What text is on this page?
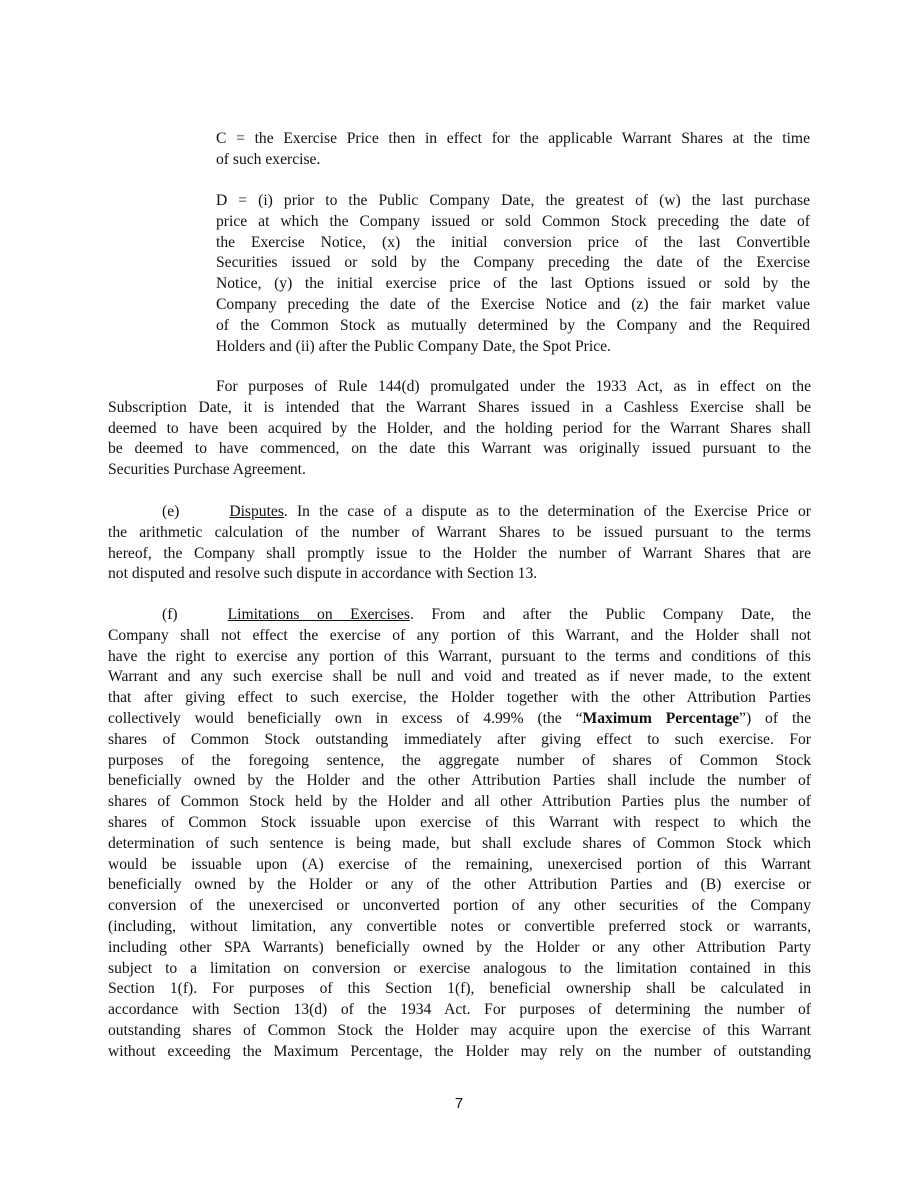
C = the Exercise Price then in effect for the applicable Warrant Shares at the time
of such exercise.
D = (i) prior to the Public Company Date, the greatest of (w) the last purchase
price at which the Company issued or sold Common Stock preceding the date of
the Exercise Notice, (x) the initial conversion price of the last Convertible
Securities issued or sold by the Company preceding the date of the Exercise
Notice, (y) the initial exercise price of the last Options issued or sold by the
Company preceding the date of the Exercise Notice and (z) the fair market value
of the Common Stock as mutually determined by the Company and the Required
Holders and (ii) after the Public Company Date, the Spot Price.
For purposes of Rule 144(d) promulgated under the 1933 Act, as in effect on the
Subscription Date, it is intended that the Warrant Shares issued in a Cashless Exercise shall be
deemed to have been acquired by the Holder, and the holding period for the Warrant Shares shall
be deemed to have commenced, on the date this Warrant was originally issued pursuant to the
Securities Purchase Agreement.
(e)	Disputes. In the case of a dispute as to the determination of the Exercise Price or
the arithmetic calculation of the number of Warrant Shares to be issued pursuant to the terms
hereof, the Company shall promptly issue to the Holder the number of Warrant Shares that are
not disputed and resolve such dispute in accordance with Section 13.
(f)	Limitations on Exercises. From and after the Public Company Date, the
Company shall not effect the exercise of any portion of this Warrant, and the Holder shall not
have the right to exercise any portion of this Warrant, pursuant to the terms and conditions of this
Warrant and any such exercise shall be null and void and treated as if never made, to the extent
that after giving effect to such exercise, the Holder together with the other Attribution Parties
collectively would beneficially own in excess of 4.99% (the “Maximum Percentage”) of the
shares of Common Stock outstanding immediately after giving effect to such exercise. For
purposes of the foregoing sentence, the aggregate number of shares of Common Stock
beneficially owned by the Holder and the other Attribution Parties shall include the number of
shares of Common Stock held by the Holder and all other Attribution Parties plus the number of
shares of Common Stock issuable upon exercise of this Warrant with respect to which the
determination of such sentence is being made, but shall exclude shares of Common Stock which
would be issuable upon (A) exercise of the remaining, unexercised portion of this Warrant
beneficially owned by the Holder or any of the other Attribution Parties and (B) exercise or
conversion of the unexercised or unconverted portion of any other securities of the Company
(including, without limitation, any convertible notes or convertible preferred stock or warrants,
including other SPA Warrants) beneficially owned by the Holder or any other Attribution Party
subject to a limitation on conversion or exercise analogous to the limitation contained in this
Section 1(f). For purposes of this Section 1(f), beneficial ownership shall be calculated in
accordance with Section 13(d) of the 1934 Act. For purposes of determining the number of
outstanding shares of Common Stock the Holder may acquire upon the exercise of this Warrant
without exceeding the Maximum Percentage, the Holder may rely on the number of outstanding
7
